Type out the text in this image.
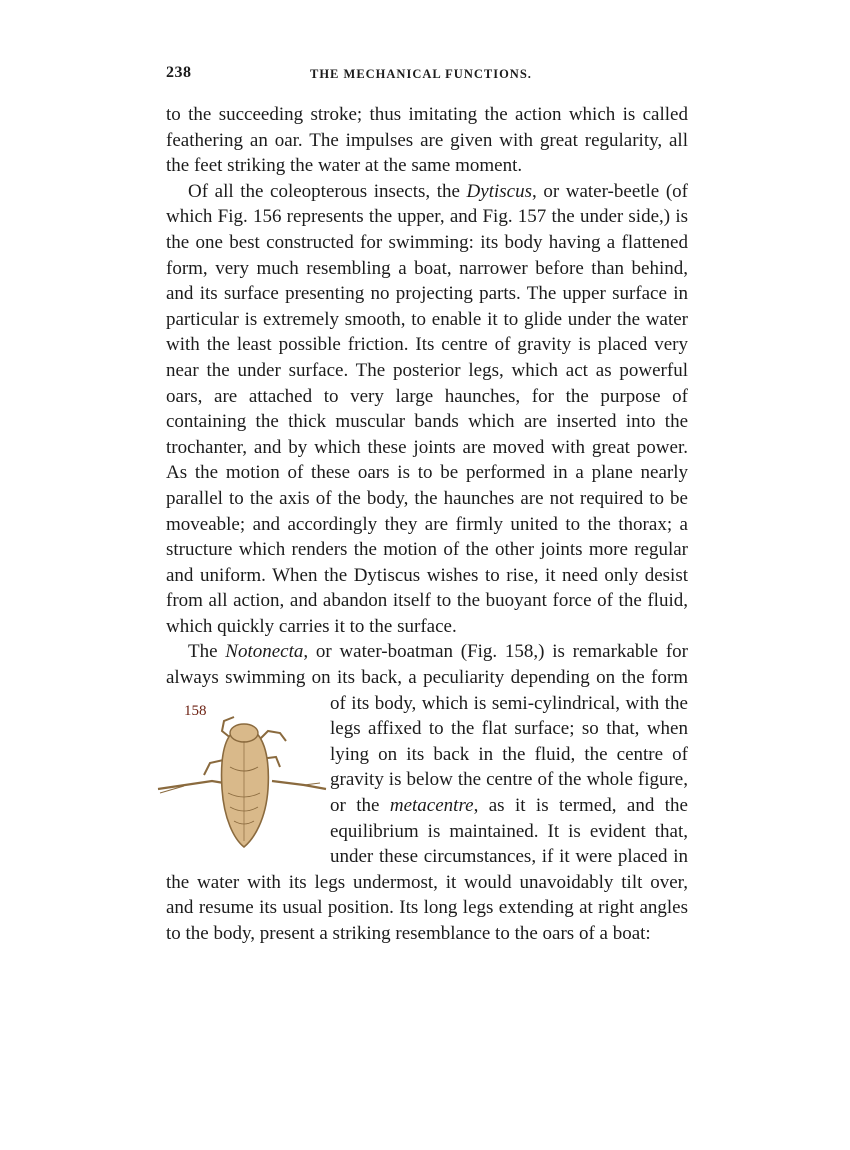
238	THE MECHANICAL FUNCTIONS.

to the succeeding stroke; thus imitating the action which is called feathering an oar. The impulses are given with great regularity, all the feet striking the water at the same moment.

Of all the coleopterous insects, the Dytiscus, or water-beetle (of which Fig. 156 represents the upper, and Fig. 157 the under side,) is the one best constructed for swimming: its body having a flattened form, very much resembling a boat, narrower before than behind, and its surface presenting no projecting parts. The upper surface in particular is extremely smooth, to enable it to glide under the water with the least possible friction. Its centre of gravity is placed very near the under surface. The posterior legs, which act as powerful oars, are attached to very large haunches, for the purpose of containing the thick muscular bands which are inserted into the trochanter, and by which these joints are moved with great power. As the motion of these oars is to be performed in a plane nearly parallel to the axis of the body, the haunches are not required to be moveable; and accordingly they are firmly united to the thorax; a structure which renders the motion of the other joints more regular and uniform. When the Dytiscus wishes to rise, it need only desist from all action, and abandon itself to the buoyant force of the fluid, which quickly carries it to the surface.

The Notonecta, or water-boatman (Fig. 158,) is remarkable for always swimming on its back, a peculiarity depend
158
ing on the form of its body, which is semi-cylindrical, with the legs affixed to the flat surface; so that, when lying on its back in the fluid, the centre of gravity is below the centre of the whole figure, or the metacentre, as it is termed, and the equilibrium is maintained. It is evident that, under these circumstances, if it were placed in the water with its legs undermost, it would unavoidably tilt over, and resume its usual position. Its long legs extending at right angles to the body, present a striking resemblance to the oars of a boat:
